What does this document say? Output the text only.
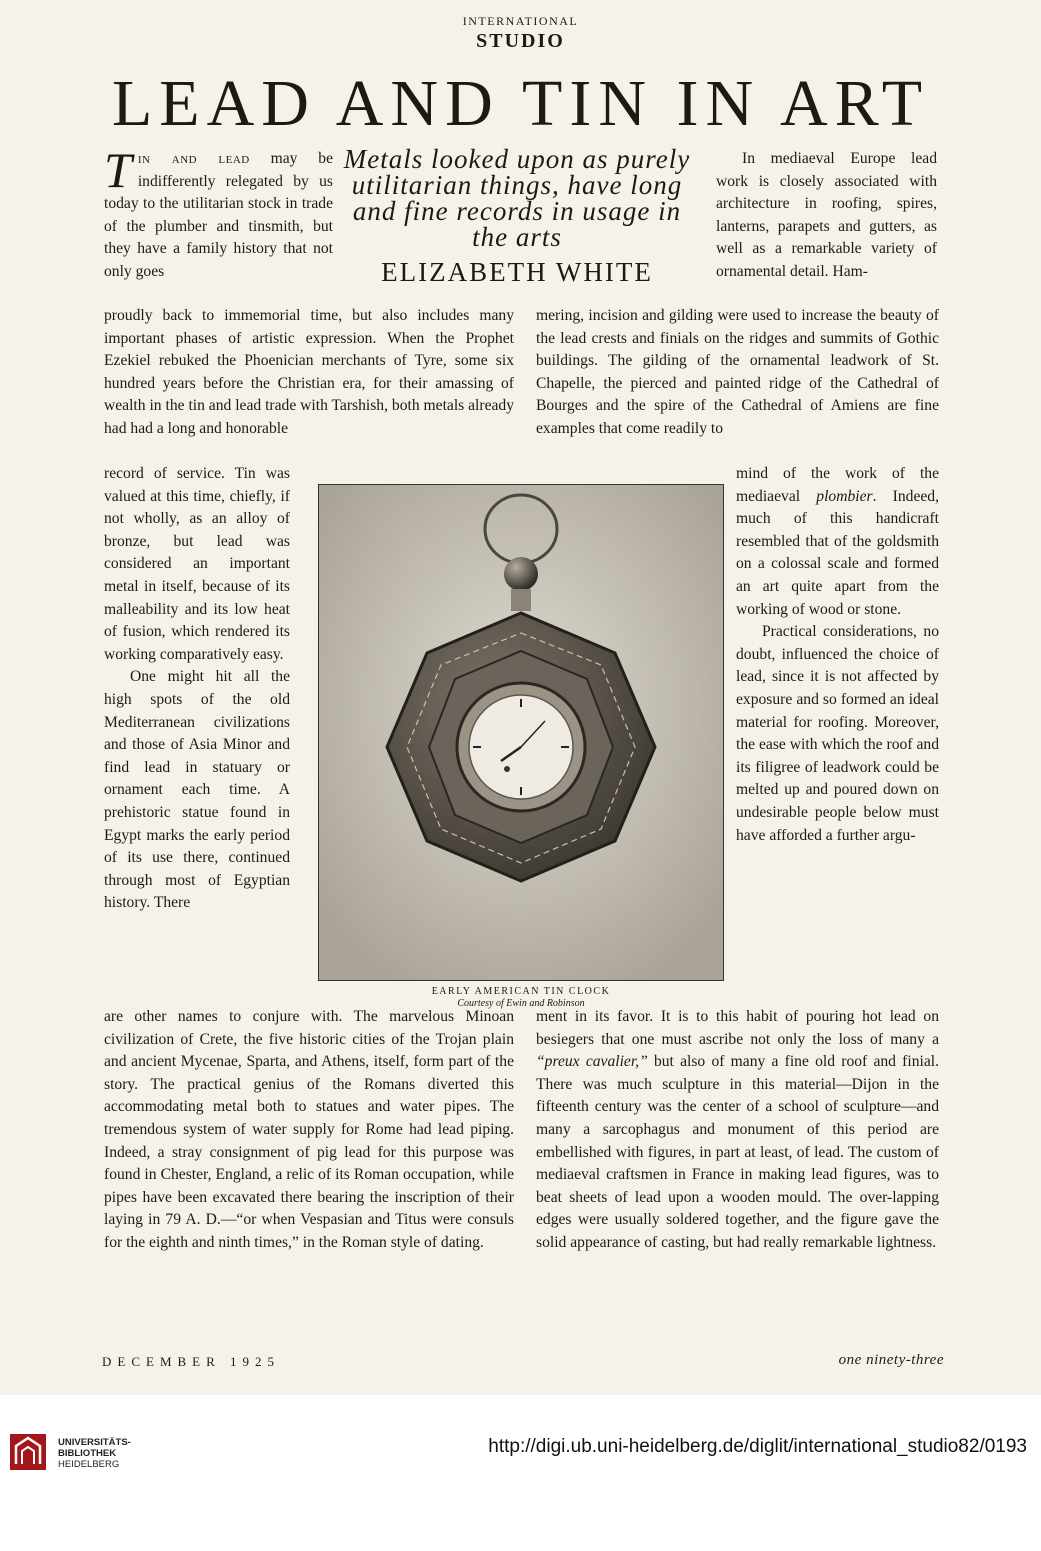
INTERNATIONAL
STUDIO
LEAD AND TIN IN ART

Tin and lead may be indifferently relegated by us today to the utilitarian stock in trade of the plumber and tinsmith, but they have a family history that not only goes

Metals looked upon as purely utilitarian things, have long and fine records in usage in the arts
ELIZABETH WHITE

In mediaeval Europe lead work is closely associated with architecture in roofing, spires, lanterns, parapets and gutters, as well as a remarkable variety of ornamental detail. Ham-

proudly back to immemorial time, but also includes many important phases of artistic expression. When the Prophet Ezekiel rebuked the Phoenician merchants of Tyre, some six hundred years before the Christian era, for their amassing of wealth in the tin and lead trade with Tarshish, both metals already had had a long and honorable

mering, incision and gilding were used to increase the beauty of the lead crests and finials on the ridges and summits of Gothic buildings. The gilding of the ornamental leadwork of St. Chapelle, the pierced and painted ridge of the Cathedral of Bourges and the spire of the Cathedral of Amiens are fine examples that come readily to

record of service. Tin was valued at this time, chiefly, if not wholly, as an alloy of bronze, but lead was considered an important metal in itself, because of its malleability and its low heat of fusion, which rendered its working comparatively easy.

One might hit all the high spots of the old Mediterranean civilizations and those of Asia Minor and find lead in statuary or ornament each time. A prehistoric statue found in Egypt marks the early period of its use there, continued through most of Egyptian history. There

EARLY AMERICAN TIN CLOCK
Courtesy of Ewin and Robinson

mind of the work of the mediaeval plombier. Indeed, much of this handicraft resembled that of the goldsmith on a colossal scale and formed an art quite apart from the working of wood or stone.

Practical considerations, no doubt, influenced the choice of lead, since it is not affected by exposure and so formed an ideal material for roofing. Moreover, the ease with which the roof and its filigree of leadwork could be melted up and poured down on undesirable people below must have afforded a further argu-

are other names to conjure with. The marvelous Minoan civilization of Crete, the five historic cities of the Trojan plain and ancient Mycenae, Sparta, and Athens, itself, form part of the story. The practical genius of the Romans diverted this accommodating metal both to statues and water pipes. The tremendous system of water supply for Rome had lead piping. Indeed, a stray consignment of pig lead for this purpose was found in Chester, England, a relic of its Roman occupation, while pipes have been excavated there bearing the inscription of their laying in 79 A. D.—“or when Vespasian and Titus were consuls for the eighth and ninth times,” in the Roman style of dating.

ment in its favor. It is to this habit of pouring hot lead on besiegers that one must ascribe not only the loss of many a “preux cavalier,” but also of many a fine old roof and finial. There was much sculpture in this material—Dijon in the fifteenth century was the center of a school of sculpture—and many a sarcophagus and monument of this period are embellished with figures, in part at least, of lead. The custom of mediaeval craftsmen in France in making lead figures, was to beat sheets of lead upon a wooden mould. The over-lapping edges were usually soldered together, and the figure gave the solid appearance of casting, but had really remarkable lightness.

DECEMBER 1925	one ninety-three
UNIVERSITÄTS-
BIBLIOTHEK
HEIDELBERG
http://digi.ub.uni-heidelberg.de/diglit/international_studio82/0193
